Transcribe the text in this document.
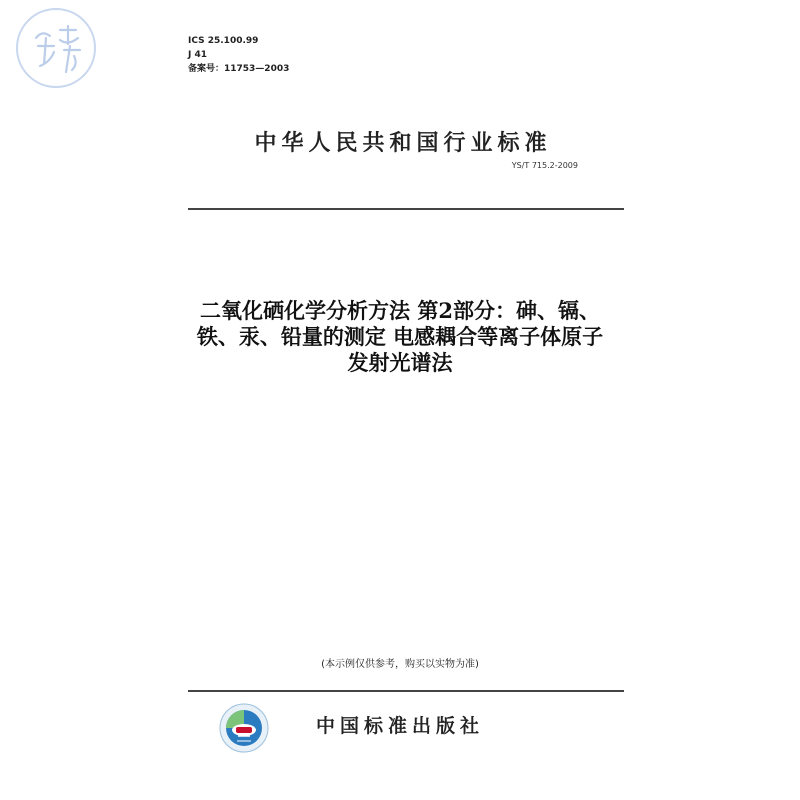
ICS 25.100.99
J 41
备案号：11753—2003
中华人民共和国行业标准
YS/T 715.2-2009
二氧化硒化学分析方法 第2部分：砷、镉、
铁、汞、铅量的测定 电感耦合等离子体原子
发射光谱法
(本示例仅供参考，购买以实物为准)
中国标准出版社
